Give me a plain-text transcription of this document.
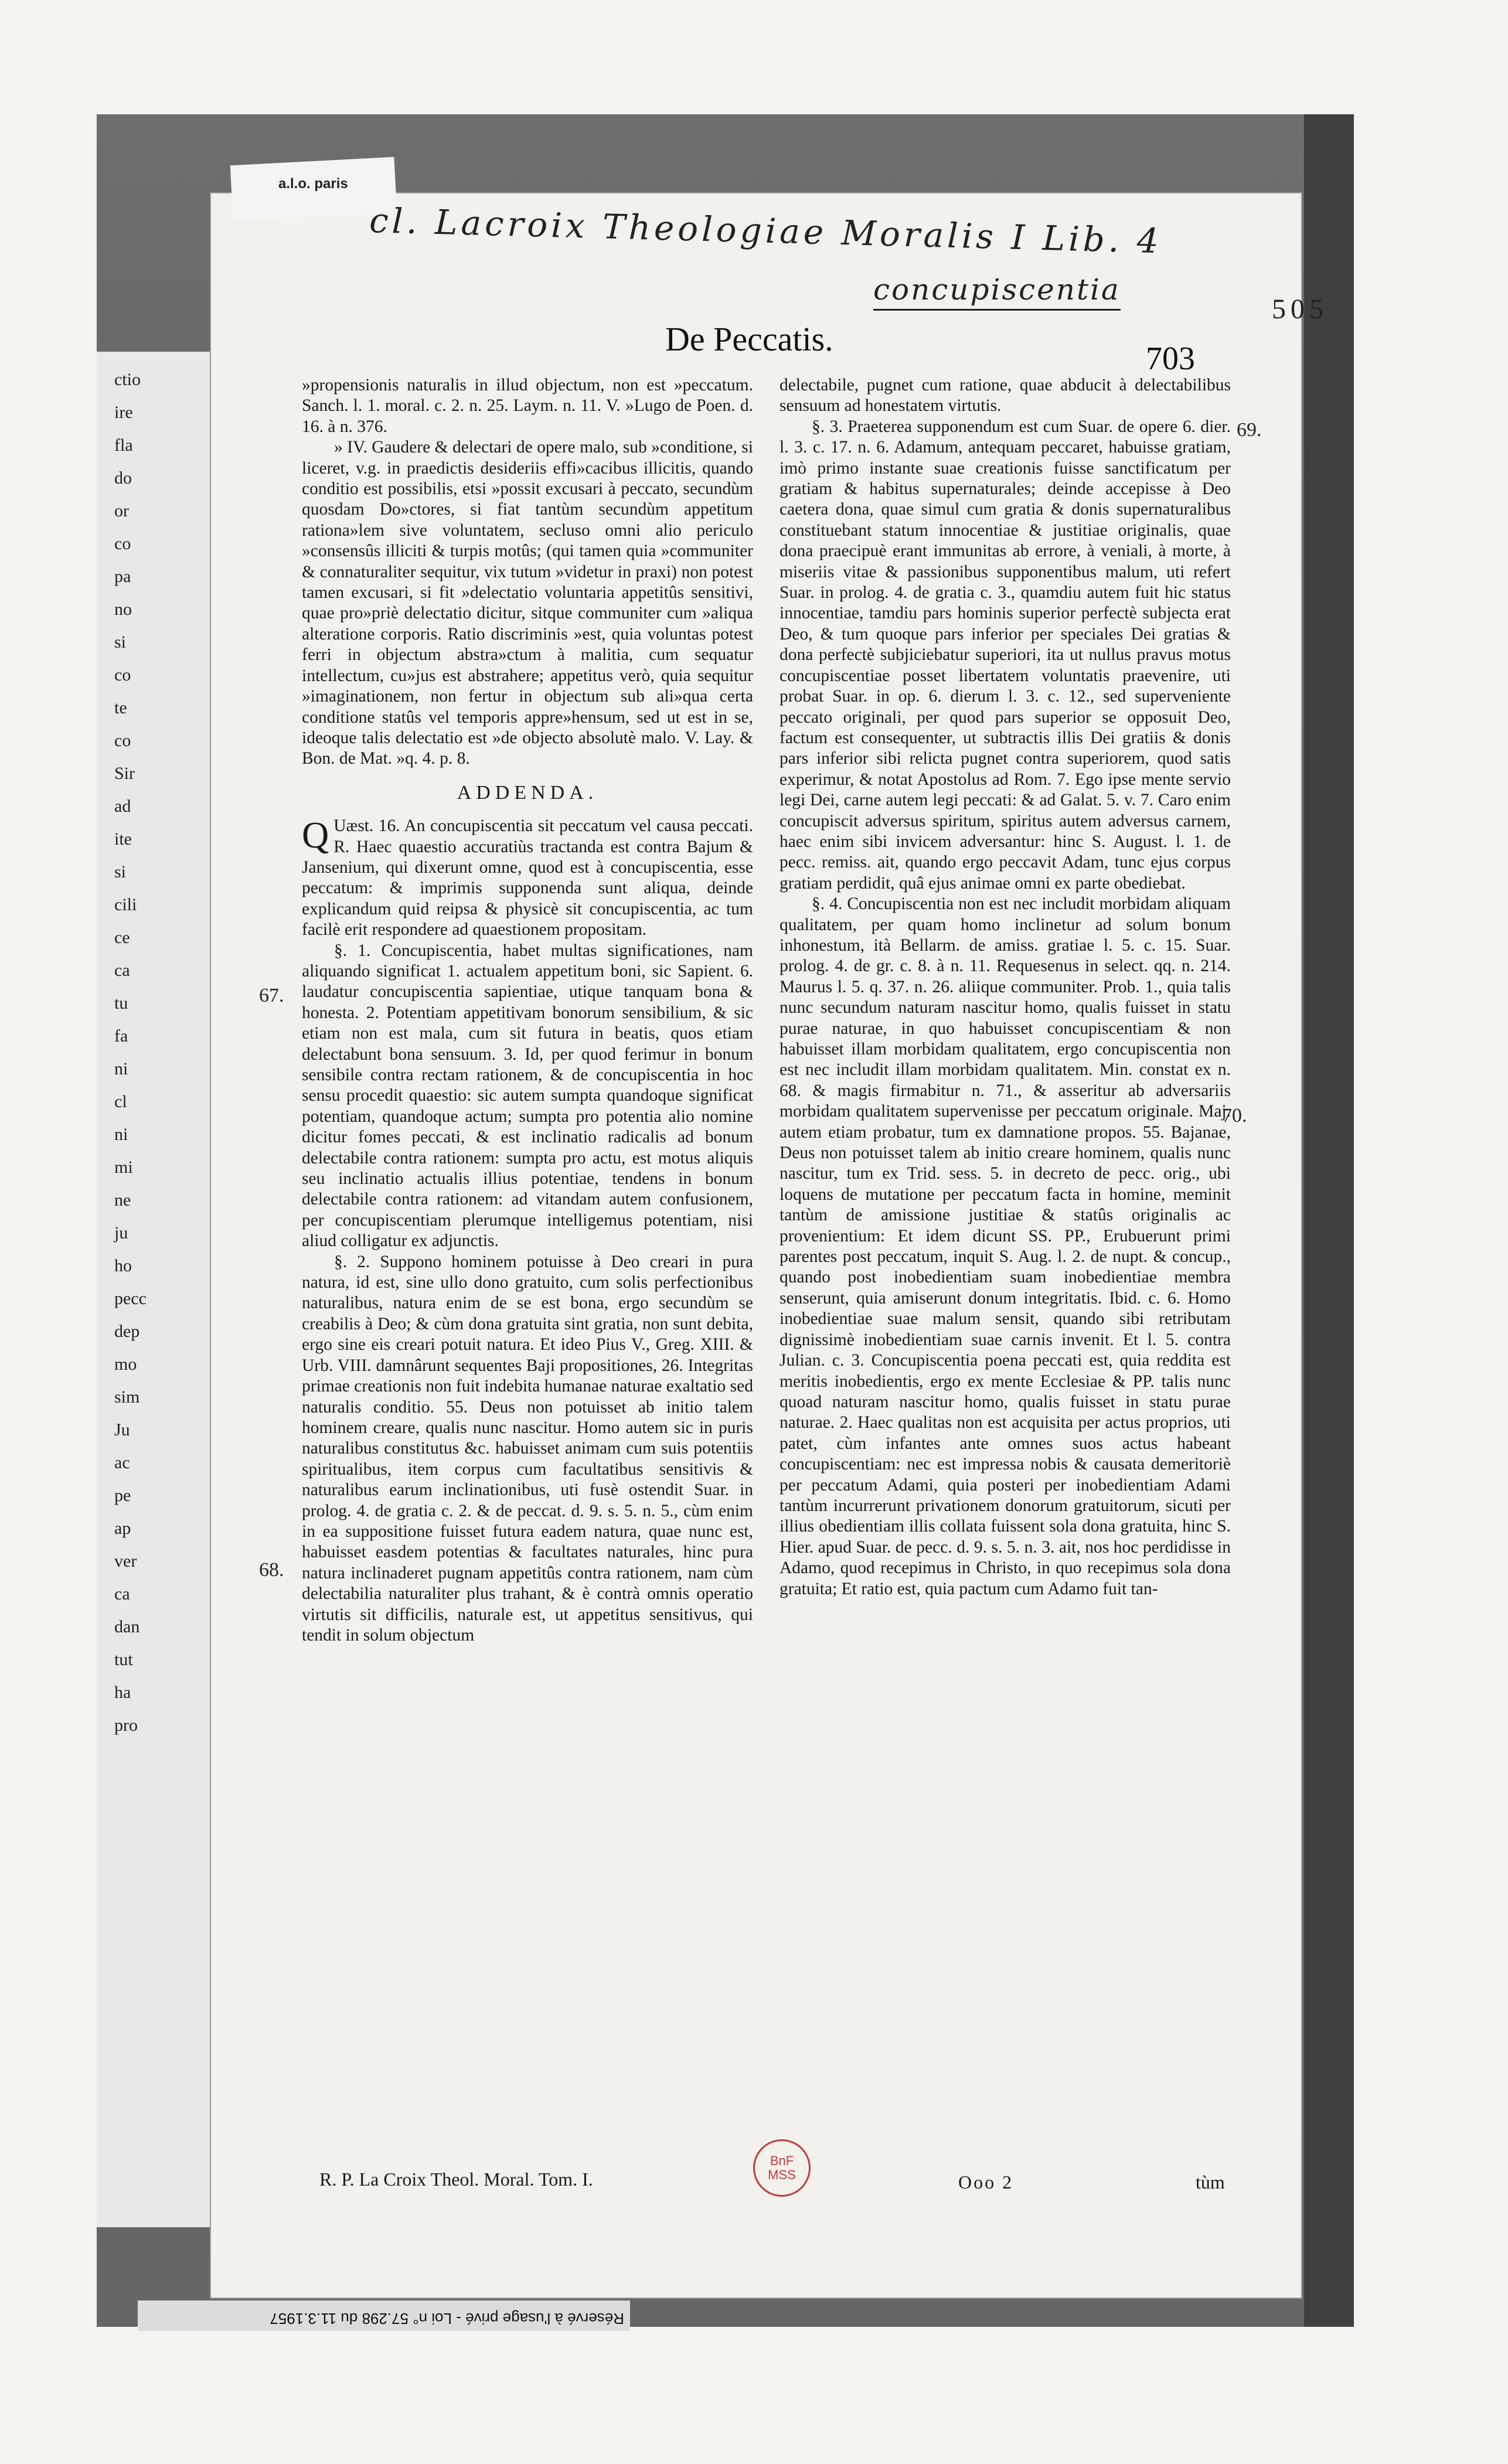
ctio
ire
fla
do
or
co
pa
no
si
co
te
co
Sir
ad
ite
si
cili
ce
ca
tu
fa
ni
cl
ni
mi
ne
ju
ho
pecc
dep
mo
sim
Ju
ac
pe
ap
ver
ca
dan
tut
ha
pro
a.l.o. paris
cl. Lacroix Theologiae Moralis I Lib. 4
concupiscentia
505
De Peccatis.
703

»propensionis naturalis in illud objectum, non est »peccatum. Sanch. l. 1. moral. c. 2. n. 25. Laym. n. 11. V. »Lugo de Poen. d. 16. à n. 376.

» IV. Gaudere & delectari de opere malo, sub »conditione, si liceret, v.g. in praedictis desideriis effi»cacibus illicitis, quando conditio est possibilis, etsi »possit excusari à peccato, secundùm quosdam Do»ctores, si fiat tantùm secundùm appetitum rationa»lem sive voluntatem, secluso omni alio periculo »consensûs illiciti & turpis motûs; (qui tamen quia »communiter & connaturaliter sequitur, vix tutum »videtur in praxi) non potest tamen excusari, si fit »delectatio voluntaria appetitûs sensitivi, quae pro»priè delectatio dicitur, sitque communiter cum »aliqua alteratione corporis. Ratio discriminis »est, quia voluntas potest ferri in objectum abstra»ctum à malitia, cum sequatur intellectum, cu»jus est abstrahere; appetitus verò, quia sequitur »imaginationem, non fertur in objectum sub ali»qua certa conditione statûs vel temporis appre»hensum, sed ut est in se, ideoque talis delectatio est »de objecto absolutè malo. V. Lay. & Bon. de Mat. »q. 4. p. 8.

ADDENDA.

Q Uæst. 16. An concupiscentia sit peccatum vel causa peccati. R. Haec quaestio accuratiùs tractanda est contra Bajum & Jansenium, qui dixerunt omne, quod est à concupiscentia, esse peccatum: & imprimis supponenda sunt aliqua, deinde explicandum quid reipsa & physicè sit concupiscentia, ac tum facilè erit respondere ad quaestionem propositam.

§. 1. Concupiscentia, habet multas significationes, nam aliquando significat 1. actualem appetitum boni, sic Sapient. 6. laudatur concupiscentia sapientiae, utique tanquam bona & honesta. 2. Potentiam appetitivam bonorum sensibilium, & sic etiam non est mala, cum sit futura in beatis, quos etiam delectabunt bona sensuum. 3. Id, per quod ferimur in bonum sensibile contra rectam rationem, & de concupiscentia in hoc sensu procedit quaestio: sic autem sumpta quandoque significat potentiam, quandoque actum; sumpta pro potentia alio nomine dicitur fomes peccati, & est inclinatio radicalis ad bonum delectabile contra rationem: sumpta pro actu, est motus aliquis seu inclinatio actualis illius potentiae, tendens in bonum delectabile contra rationem: ad vitandam autem confusionem, per concupiscentiam plerumque intelligemus potentiam, nisi aliud colligatur ex adjunctis.

§. 2. Suppono hominem potuisse à Deo creari in pura natura, id est, sine ullo dono gratuito, cum solis perfectionibus naturalibus, natura enim de se est bona, ergo secundùm se creabilis à Deo; & cùm dona gratuita sint gratia, non sunt debita, ergo sine eis creari potuit natura. Et ideo Pius V., Greg. XIII. & Urb. VIII. damnârunt sequentes Baji propositiones, 26. Integritas primae creationis non fuit indebita humanae naturae exaltatio sed naturalis conditio. 55. Deus non potuisset ab initio talem hominem creare, qualis nunc nascitur. Homo autem sic in puris naturalibus constitutus &c. habuisset animam cum suis potentiis spiritualibus, item corpus cum facultatibus sensitivis & naturalibus earum inclinationibus, uti fusè ostendit Suar. in prolog. 4. de gratia c. 2. & de peccat. d. 9. s. 5. n. 5., cùm enim in ea suppositione fuisset futura eadem natura, quae nunc est, habuisset easdem potentias & facultates naturales, hinc pura natura inclinaderet pugnam appetitûs contra rationem, nam cùm delectabilia naturaliter plus trahant, & è contrà omnis operatio virtutis sit difficilis, naturale est, ut appetitus sensitivus, qui tendit in solum objectum

delectabile, pugnet cum ratione, quae abducit à delectabilibus sensuum ad honestatem virtutis.

§. 3. Praeterea supponendum est cum Suar. de opere 6. dier. l. 3. c. 17. n. 6. Adamum, antequam peccaret, habuisse gratiam, imò primo instante suae creationis fuisse sanctificatum per gratiam & habitus supernaturales; deinde accepisse à Deo caetera dona, quae simul cum gratia & donis supernaturalibus constituebant statum innocentiae & justitiae originalis, quae dona praecipuè erant immunitas ab errore, à veniali, à morte, à miseriis vitae & passionibus supponentibus malum, uti refert Suar. in prolog. 4. de gratia c. 3., quamdiu autem fuit hic status innocentiae, tamdiu pars hominis superior perfectè subjecta erat Deo, & tum quoque pars inferior per speciales Dei gratias & dona perfectè subjiciebatur superiori, ita ut nullus pravus motus concupiscentiae posset libertatem voluntatis praevenire, uti probat Suar. in op. 6. dierum l. 3. c. 12., sed superveniente peccato originali, per quod pars superior se opposuit Deo, factum est consequenter, ut subtractis illis Dei gratiis & donis pars inferior sibi relicta pugnet contra superiorem, quod satis experimur, & notat Apostolus ad Rom. 7. Ego ipse mente servio legi Dei, carne autem legi peccati: & ad Galat. 5. v. 7. Caro enim concupiscit adversus spiritum, spiritus autem adversus carnem, haec enim sibi invicem adversantur: hinc S. August. l. 1. de pecc. remiss. ait, quando ergo peccavit Adam, tunc ejus corpus gratiam perdidit, quâ ejus animae omni ex parte obediebat.

§. 4. Concupiscentia non est nec includit morbidam aliquam qualitatem, per quam homo inclinetur ad solum bonum inhonestum, ità Bellarm. de amiss. gratiae l. 5. c. 15. Suar. prolog. 4. de gr. c. 8. à n. 11. Requesenus in select. qq. n. 214. Maurus l. 5. q. 37. n. 26. aliique communiter. Prob. 1., quia talis nunc secundum naturam nascitur homo, qualis fuisset in statu purae naturae, in quo habuisset concupiscentiam & non habuisset illam morbidam qualitatem, ergo concupiscentia non est nec includit illam morbidam qualitatem. Min. constat ex n. 68. & magis firmabitur n. 71., & asseritur ab adversariis morbidam qualitatem supervenisse per peccatum originale. Maj. autem etiam probatur, tum ex damnatione propos. 55. Bajanae, Deus non potuisset talem ab initio creare hominem, qualis nunc nascitur, tum ex Trid. sess. 5. in decreto de pecc. orig., ubi loquens de mutatione per peccatum facta in homine, meminit tantùm de amissione justitiae & statûs originalis ac provenientium: Et idem dicunt SS. PP., Erubuerunt primi parentes post peccatum, inquit S. Aug. l. 2. de nupt. & concup., quando post inobedientiam suam inobedientiae membra senserunt, quia amiserunt donum integritatis. Ibid. c. 6. Homo inobedientiae suae malum sensit, quando sibi retributam dignissimè inobedientiam suae carnis invenit. Et l. 5. contra Julian. c. 3. Concupiscentia poena peccati est, quia reddita est meritis inobedientis, ergo ex mente Ecclesiae & PP. talis nunc quoad naturam nascitur homo, qualis fuisset in statu purae naturae. 2. Haec qualitas non est acquisita per actus proprios, uti patet, cùm infantes ante omnes suos actus habeant concupiscentiam: nec est impressa nobis & causata demeritoriè per peccatum Adami, quia posteri per inobedientiam Adami tantùm incurrerunt privationem donorum gratuitorum, sicuti per illius obedientiam illis collata fuissent sola dona gratuita, hinc S. Hier. apud Suar. de pecc. d. 9. s. 5. n. 3. ait, nos hoc perdidisse in Adamo, quod recepimus in Christo, in quo recepimus sola dona gratuita; Et ratio est, quia pactum cum Adamo fuit tan-

67.
68.
69.
70.
R. P. La Croix Theol. Moral. Tom. I.
BnF
MSS	Ooo 2	tùm
Réservé à l'usage privé - Loi n° 57.298 du 11.3.1957
